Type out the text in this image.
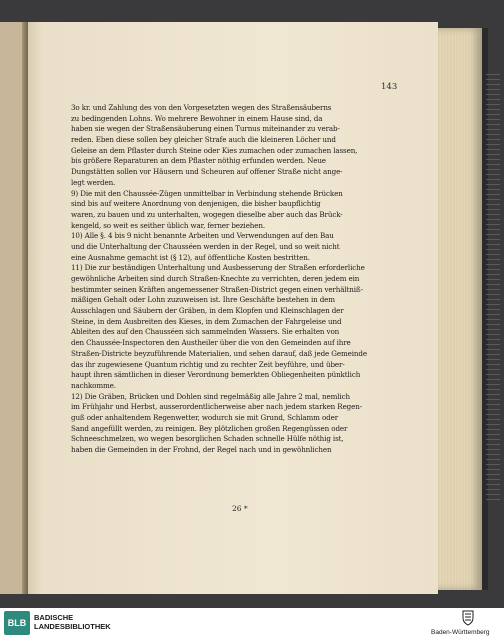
143
3o kr. und Zahlung des von den Vorgesetzten wegen des Straßensäuberns
zu bedingenden Lohns. Wo mehrere Bewohner in einem Hause sind, da
haben sie wegen der Straßensäuberung einen Turnus miteinander zu verab-
reden. Eben diese sollen bey gleicher Strafe auch die kleineren Löcher und
Geleise an dem Pflaster durch Steine oder Kies zumachen oder zumachen lassen,
bis größere Reparaturen an dem Pflaster nöthig erfunden werden. Neue
Dungstätten sollen vor Häusern und Scheuren auf offener Straße nicht ange-
legt werden.
9) Die mit den Chaussée-Zügen unmittelbar in Verbindung stehende Brücken
sind bis auf weitere Anordnung von denjenigen, die bisher baupflichtig
waren, zu bauen und zu unterhalten, wogegen dieselbe aber auch das Brück-
kengeld, so weit es seither üblich war, ferner beziehen.
10) Alle §. 4 bis 9 nicht benannte Arbeiten und Verwendungen auf den Bau
und die Unterhaltung der Chausséen werden in der Regel, und so weit nicht
eine Ausnahme gemacht ist (§ 12), auf öffentliche Kosten bestritten.
11) Die zur beständigen Unterhaltung und Ausbesserung der Straßen erforderliche
gewöhnliche Arbeiten sind durch Straßen-Knechte zu verrichten, deren jedem ein
bestimmter seinen Kräften angemessener Straßen-District gegen einen verhältniß-
mäßigen Gehalt oder Lohn zuzuweisen ist. Ihre Geschäfte bestehen in dem
Ausschlagen und Säubern der Gräben, in dem Klopfen und Kleinschlagen der
Steine, in dem Ausbreiten des Kieses, in dem Zumachen der Fahrgeleise und
Ableiten des auf den Chausséen sich sammelnden Wassers. Sie erhalten von
den Chaussée-Inspectoren den Austheiler über die von den Gemeinden auf ihre
Straßen-Districte beyzuführende Materialien, und sehen darauf, daß jede Gemeinde
das ihr zugewiesene Quantum richtig und zu rechter Zeit beyführe, und über-
haupt ihren sämtlichen in dieser Verordnung bemerkten Obliegenheiten pünktlich
nachkomme.
12) Die Gräben, Brücken und Dohlen sind regelmäßig alle Jahre 2 mal, nemlich
im Frühjahr und Herbst, ausserordentlicherweise aber nach jedem starken Regen-
guß oder anhaltendem Regenwetter, wodurch sie mit Grund, Schlamm oder
Sand angefüllt werden, zu reinigen. Bey plötzlichen großen Regengüssen oder
Schneeschmelzen, wo wegen besorglichen Schaden schnelle Hülfe nöthig ist,
haben die Gemeinden in der Frohnd, der Regel nach und in gewöhnlichen
26 *
BLB
BADISCHE
LANDESBIBLIOTHEK
Baden-Württemberg
